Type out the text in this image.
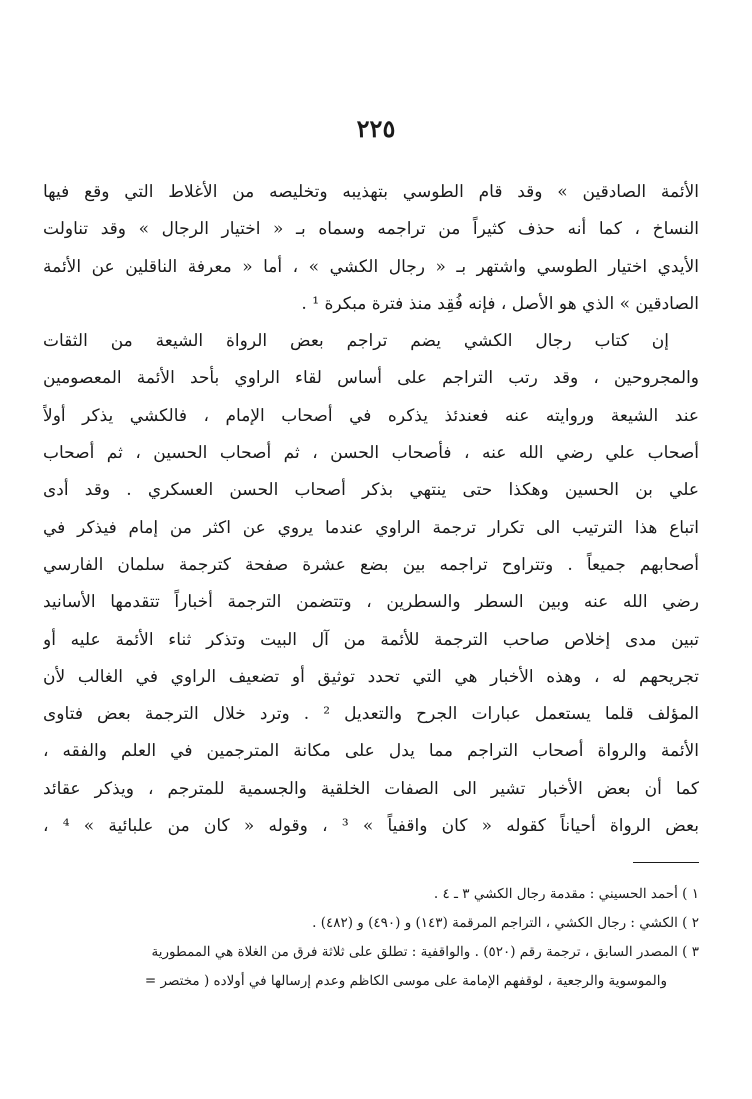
٢٢٥
الأئمة الصادقين » وقد قام الطوسي بتهذيبه وتخليصه من الأغلاط التي وقع فيها
النساخ ، كما أنه حذف كثيراً من تراجمه وسماه بـ « اختيار الرجال » وقد تناولت
الأيدي اختيار الطوسي واشتهر بـ « رجال الكشي » ، أما « معرفة الناقلين عن الأئمة
الصادقين » الذي هو الأصل ، فإنه فُقِد منذ فترة مبكرة ¹ .
إن كتاب رجال الكشي يضم تراجم بعض الرواة الشيعة من الثقات
والمجروحين ، وقد رتب التراجم على أساس لقاء الراوي بأحد الأئمة المعصومين
عند الشيعة وروايته عنه فعندئذ يذكره في أصحاب الإمام ، فالكشي يذكر أولاً
أصحاب علي رضي الله عنه ، فأصحاب الحسن ، ثم أصحاب الحسين ، ثم أصحاب
علي بن الحسين وهكذا حتى ينتهي بذكر أصحاب الحسن العسكري . وقد أدى
اتباع هذا الترتيب الى تكرار ترجمة الراوي عندما يروي عن اكثر من إمام فيذكر في
أصحابهم جميعاً . وتتراوح تراجمه بين بضع عشرة صفحة كترجمة سلمان الفارسي
رضي الله عنه وبين السطر والسطرين ، وتتضمن الترجمة أخباراً تتقدمها الأسانيد
تبين مدى إخلاص صاحب الترجمة للأئمة من آل البيت وتذكر ثناء الأئمة عليه أو
تجريحهم له ، وهذه الأخبار هي التي تحدد توثيق أو تضعيف الراوي في الغالب لأن
المؤلف قلما يستعمل عبارات الجرح والتعديل ² . وترد خلال الترجمة بعض فتاوى
الأئمة والرواة أصحاب التراجم مما يدل على مكانة المترجمين في العلم والفقه ،
كما أن بعض الأخبار تشير الى الصفات الخلقية والجسمية للمترجم ، ويذكر عقائد
بعض الرواة أحياناً كقوله « كان واقفياً » ³ ، وقوله « كان من علبائية » ⁴ ،
١ ) أحمد الحسيني : مقدمة رجال الكشي ٣ ـ ٤ .
٢ ) الكشي : رجال الكشي ، التراجم المرقمة (١٤٣) و (٤٩٠) و (٤٨٢) .
٣ ) المصدر السابق ، ترجمة رقم (٥٢٠) . والواقفية : تطلق على ثلاثة فرق من الغلاة هي الممطورية
والموسوية والرجعية ، لوقفهم الإمامة على موسى الكاظم وعدم إرسالها في أولاده ( مختصر =
